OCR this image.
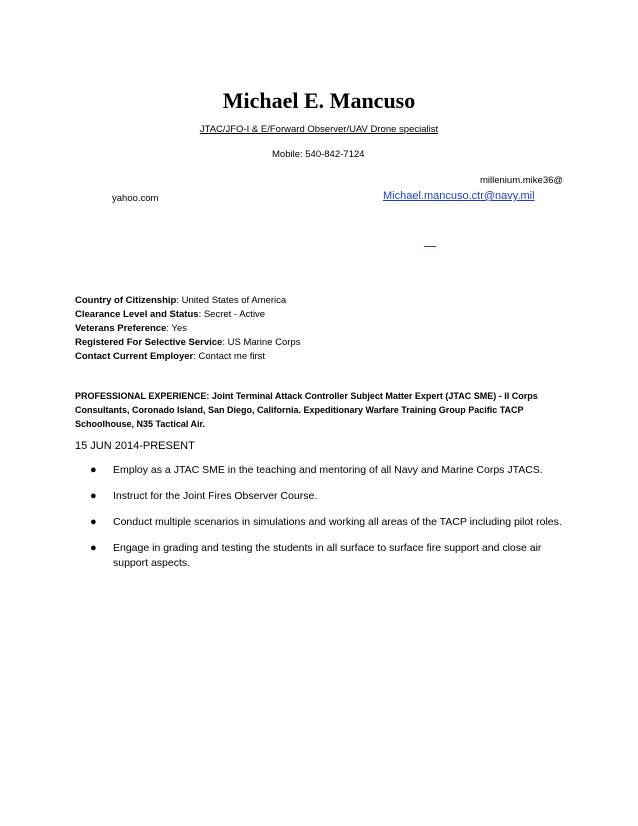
Michael E. Mancuso
JTAC/JFO-I & E/Forward Observer/UAV Drone specialist
Mobile: 540-842-7124
millenium.mike36@
yahoo.com	Michael.mancuso.ctr@navy.mil
Country of Citizenship: United States of America
Clearance Level and Status: Secret - Active
Veterans Preference: Yes
Registered For Selective Service: US Marine Corps
Contact Current Employer: Contact me first
PROFESSIONAL EXPERIENCE: Joint Terminal Attack Controller Subject Matter Expert (JTAC SME) - II Corps Consultants, Coronado Island, San Diego, California. Expeditionary Warfare Training Group Pacific TACP Schoolhouse, N35 Tactical Air.
15 JUN 2014-PRESENT
● Employ as a JTAC SME in the teaching and mentoring of all Navy and Marine Corps JTACS.
● Instruct for the Joint Fires Observer Course.
● Conduct multiple scenarios in simulations and working all areas of the TACP including pilot roles.
● Engage in grading and testing the students in all surface to surface fire support and close air support aspects.
